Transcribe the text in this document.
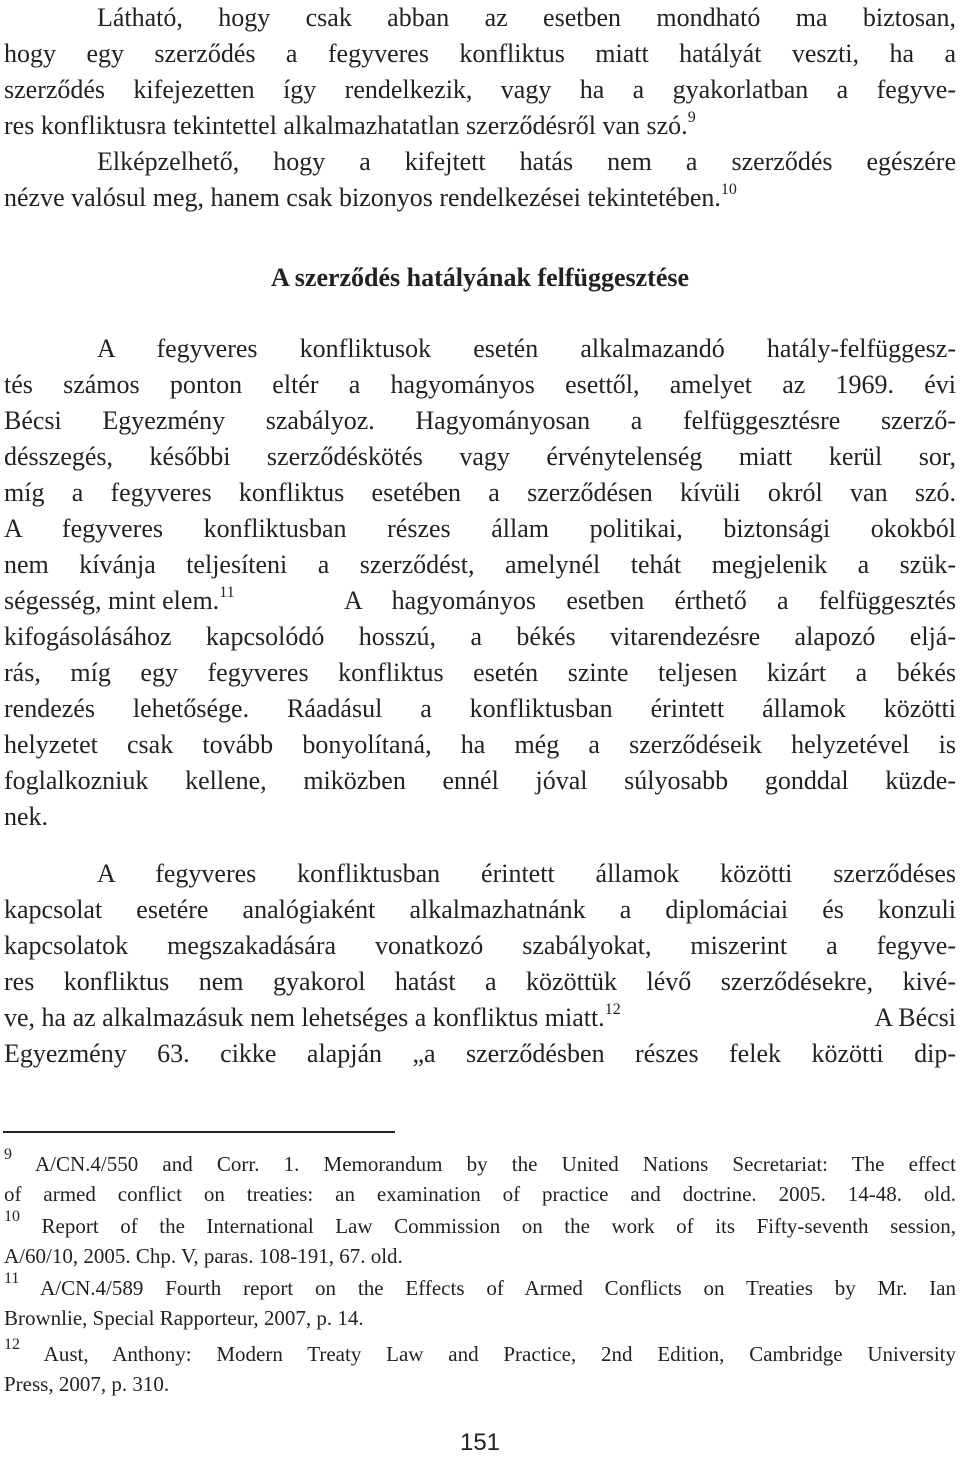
Látható, hogy csak abban az esetben mondható ma biztosan,
hogy egy szerződés a fegyveres konfliktus miatt hatályát veszti, ha a
szerződés kifejezetten így rendelkezik, vagy ha a gyakorlatban a fegyve-
res konfliktusra tekintettel alkalmazhatatlan szerződésről van szó.$^9$
Elképzelhető, hogy a kifejtett hatás nem a szerződés egészére
nézve valósul meg, hanem csak bizonyos rendelkezései tekintetében.$^{10}$
A szerződés hatályának felfüggesztése
A fegyveres konfliktusok esetén alkalmazandó hatály-felfüggesz-
tés számos ponton eltér a hagyományos esettől, amelyet az 1969. évi
Bécsi Egyezmény szabályoz. Hagyományosan a felfüggesztésre szerző-
désszegés, későbbi szerződéskötés vagy érvénytelenség miatt kerül sor,
míg a fegyveres konfliktus esetében a szerződésen kívüli okról van szó.
A fegyveres konfliktusban részes állam politikai, biztonsági okokból
nem kívánja teljesíteni a szerződést, amelynél tehát megjelenik a szük-
ségesség, mint elem.$^{11}$	A hagyományos esetben érthető a felfüggesztés
kifogásolásához kapcsolódó hosszú, a békés vitarendezésre alapozó eljá-
rás, míg egy fegyveres konfliktus esetén szinte teljesen kizárt a békés
rendezés lehetősége. Ráadásul a konfliktusban érintett államok közötti
helyzetet csak tovább bonyolítaná, ha még a szerződéseik helyzetével is
foglalkozniuk kellene, miközben ennél jóval súlyosabb gonddal küzde-
nek.
A fegyveres konfliktusban érintett államok közötti szerződéses
kapcsolat esetére analógiaként alkalmazhatnánk a diplomáciai és konzuli
kapcsolatok megszakadására vonatkozó szabályokat, miszerint a fegyve-
res konfliktus nem gyakorol hatást a közöttük lévő szerződésekre, kivé-
ve, ha az alkalmazásuk nem lehetséges a konfliktus miatt.$^{12}$	A Bécsi
Egyezmény 63. cikke alapján „a szerződésben részes felek közötti dip-
$^9$ A/CN.4/550 and Corr. 1. Memorandum by the United Nations Secretariat: The effect
of armed conflict on treaties: an examination of practice and doctrine. 2005. 14-48. old.
$^{10}$ Report of the International Law Commission on the work of its Fifty-seventh session,
A/60/10, 2005. Chp. V, paras. 108-191, 67. old.
$^{11}$ A/CN.4/589 Fourth report on the Effects of Armed Conflicts on Treaties by Mr. Ian
Brownlie, Special Rapporteur, 2007, p. 14.
$^{12}$ Aust, Anthony: Modern Treaty Law and Practice, 2nd Edition, Cambridge University
Press, 2007, p. 310.
151
